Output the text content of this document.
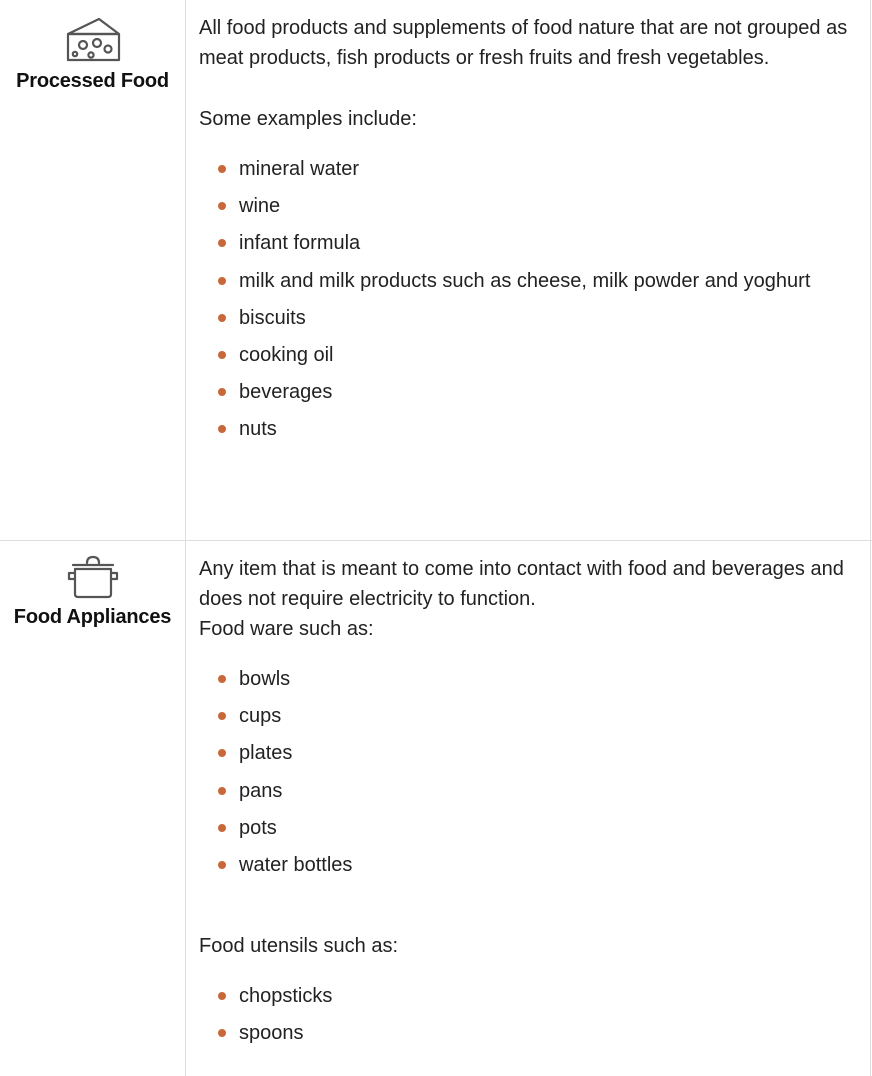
Processed Food

All food products and supplements of food nature that are not grouped as meat products, fish products or fresh fruits and fresh vegetables.

Some examples include:

mineral water
wine
infant formula
milk and milk products such as cheese, milk powder and yoghurt
biscuits
cooking oil
beverages
nuts
Food Appliances

Any item that is meant to come into contact with food and beverages and does not require electricity to function.

Food ware such as:

bowls
cups
plates
pans
pots
water bottles

Food utensils such as:

chopsticks
spoons
